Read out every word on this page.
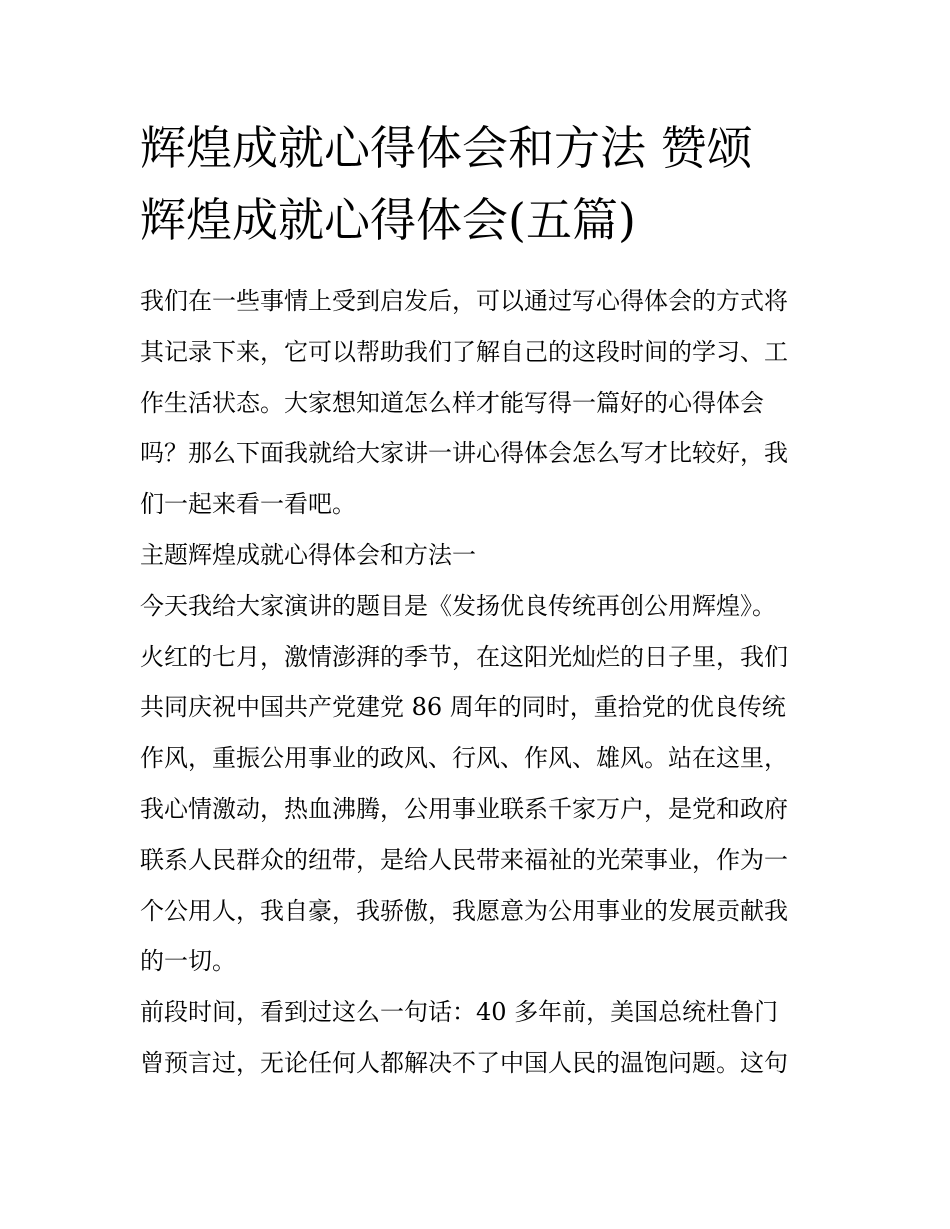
辉煌成就心得体会和方法 赞颂
辉煌成就心得体会(五篇)

我们在一些事情上受到启发后，可以通过写心得体会的方式将
其记录下来，它可以帮助我们了解自己的这段时间的学习、工
作生活状态。大家想知道怎么样才能写得一篇好的心得体会
吗？那么下面我就给大家讲一讲心得体会怎么写才比较好，我
们一起来看一看吧。

主题辉煌成就心得体会和方法一

今天我给大家演讲的题目是《发扬优良传统再创公用辉煌》。
火红的七月，激情澎湃的季节，在这阳光灿烂的日子里，我们
共同庆祝中国共产党建党 86 周年的同时，重拾党的优良传统
作风，重振公用事业的政风、行风、作风、雄风。站在这里，
我心情激动，热血沸腾，公用事业联系千家万户，是党和政府
联系人民群众的纽带，是给人民带来福祉的光荣事业，作为一
个公用人，我自豪，我骄傲，我愿意为公用事业的发展贡献我
的一切。

前段时间，看到过这么一句话：40 多年前，美国总统杜鲁门
曾预言过，无论任何人都解决不了中国人民的温饱问题。这句
